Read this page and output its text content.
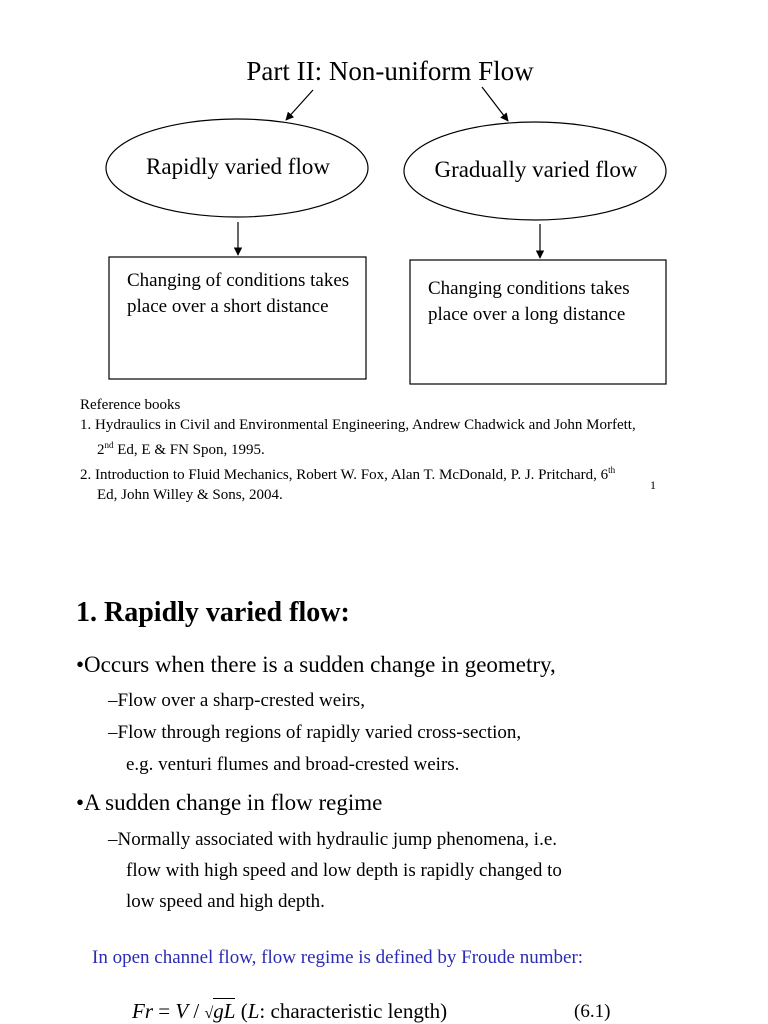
Part II: Non-uniform Flow
Rapidly varied flow	Gradually varied flow
Changing of conditions takes place over a short distance
Changing conditions takes place over a long distance
Reference books
1. Hydraulics in Civil and Environmental Engineering, Andrew Chadwick and John Morfett,
2nd Ed, E & FN Spon, 1995.
2. Introduction to Fluid Mechanics, Robert W. Fox, Alan T. McDonald, P. J. Pritchard, 6th
Ed, John Willey & Sons, 2004.
1
1. Rapidly varied flow:
•Occurs when there is a sudden change in geometry,
–Flow over a sharp-crested weirs,
–Flow through regions of rapidly varied cross-section,
e.g. venturi flumes and broad-crested weirs.
•A sudden change in flow regime
–Normally associated with hydraulic jump phenomena, i.e.
flow with high speed and low depth is rapidly changed to
low speed and high depth.
In open channel flow, flow regime is defined by Froude number:
Fr = V / √gL (L: characteristic length)	(6.1)
